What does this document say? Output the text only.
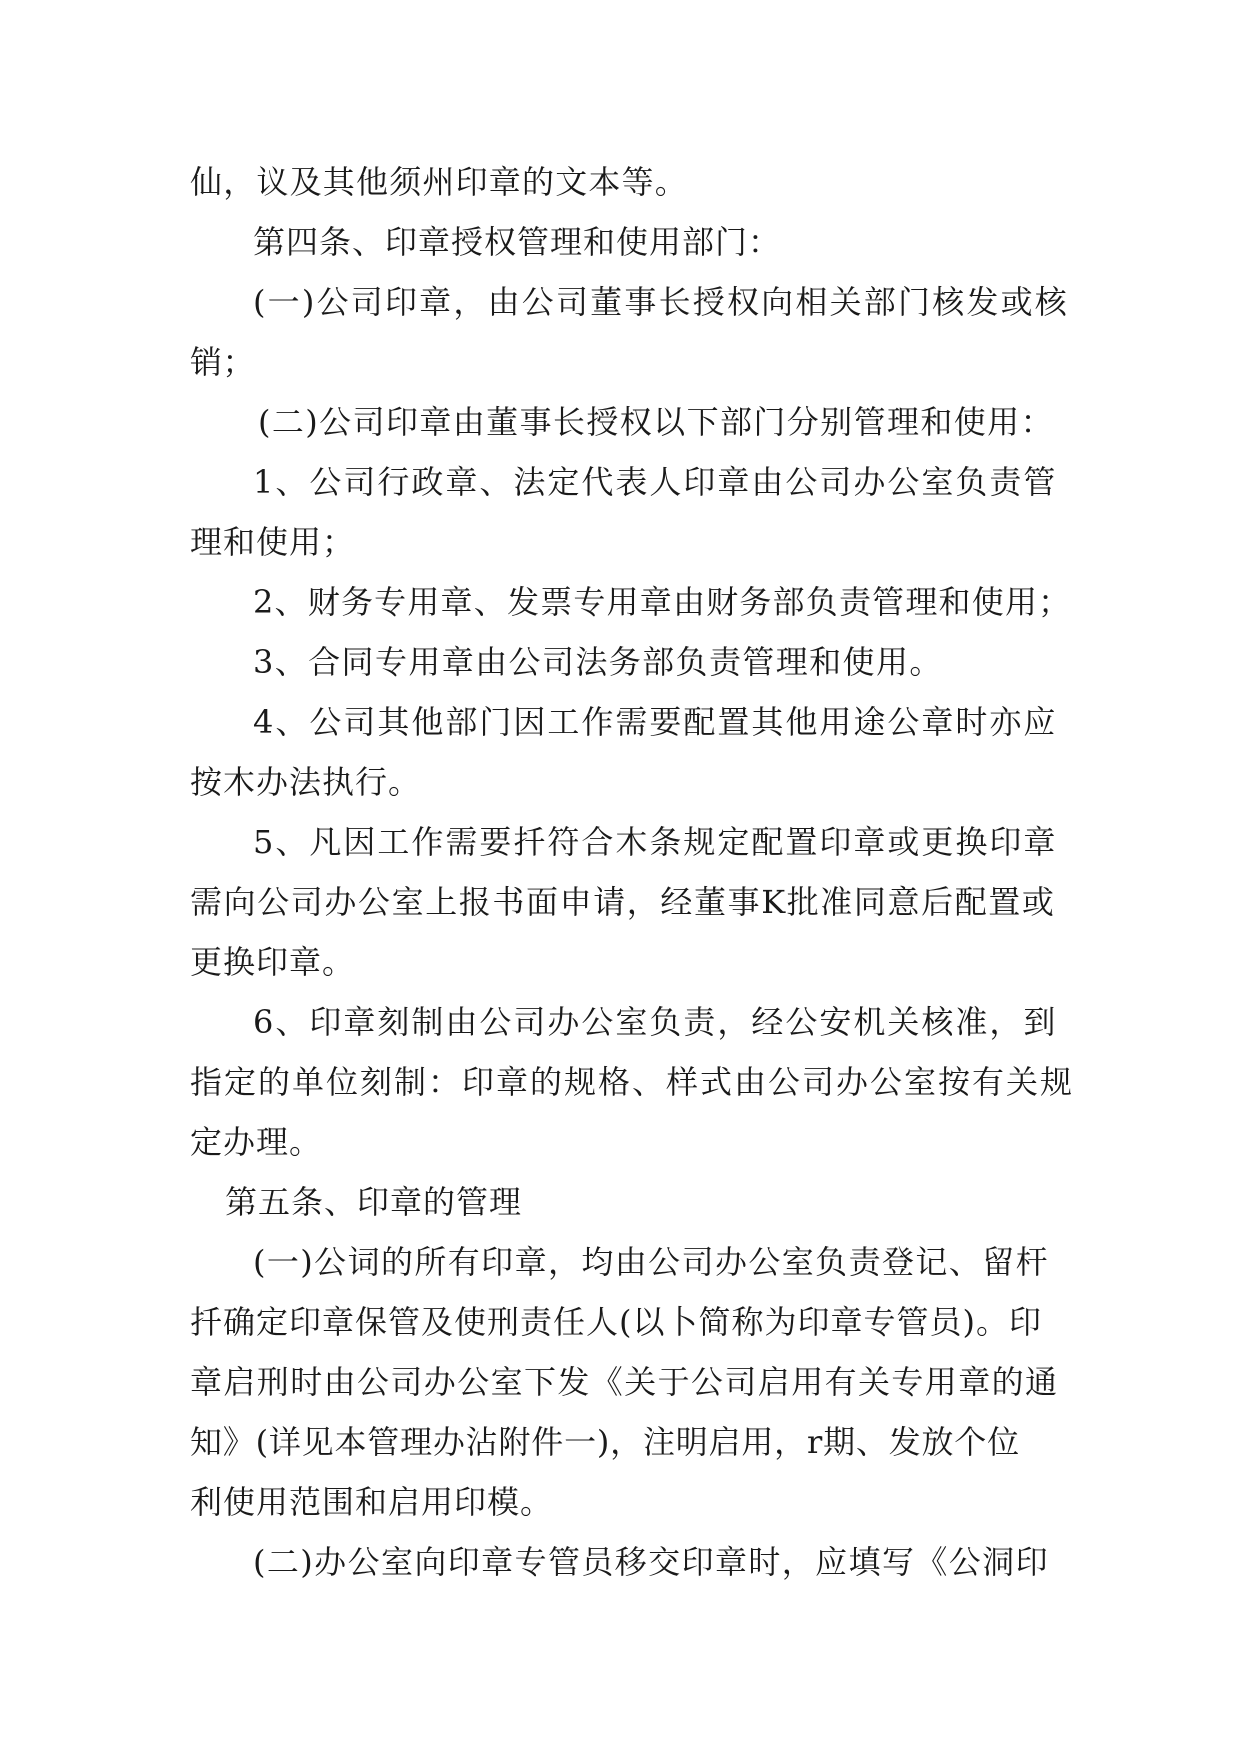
仙，议及其他须州印章的文本等。
第四条、印章授权管理和使用部门：
(一)公司印章，由公司董事长授权向相关部门核发或核
销；
(二)公司印章由董事长授权以下部门分别管理和使用：
1、公司行政章、法定代表人印章由公司办公室负责管
理和使用；
2、财务专用章、发票专用章由财务部负责管理和使用；
3、合同专用章由公司法务部负责管理和使用。
4、公司其他部门因工作需要配置其他用途公章时亦应
按木办法执行。
5、凡因工作需要扦符合木条规定配置印章或更换印章
需向公司办公室上报书面申请，经董事K批准同意后配置或
更换印章。
6、印章刻制由公司办公室负责，经公安机关核准，到
指定的单位刻制：印章的规格、样式由公司办公室按有关规
定办理。
第五条、印章的管理
(一)公词的所有印章，均由公司办公室负责登记、留杆
扦确定印章保管及使刑责任人(以卜简称为印章专管员)。印
章启刑时由公司办公室下发《关于公司启用有关专用章的通
知》(详见本管理办沾附件一)，注明启用，r期、发放个位
利使用范围和启用印模。
(二)办公室向印章专管员移交印章时，应填写《公洞印
